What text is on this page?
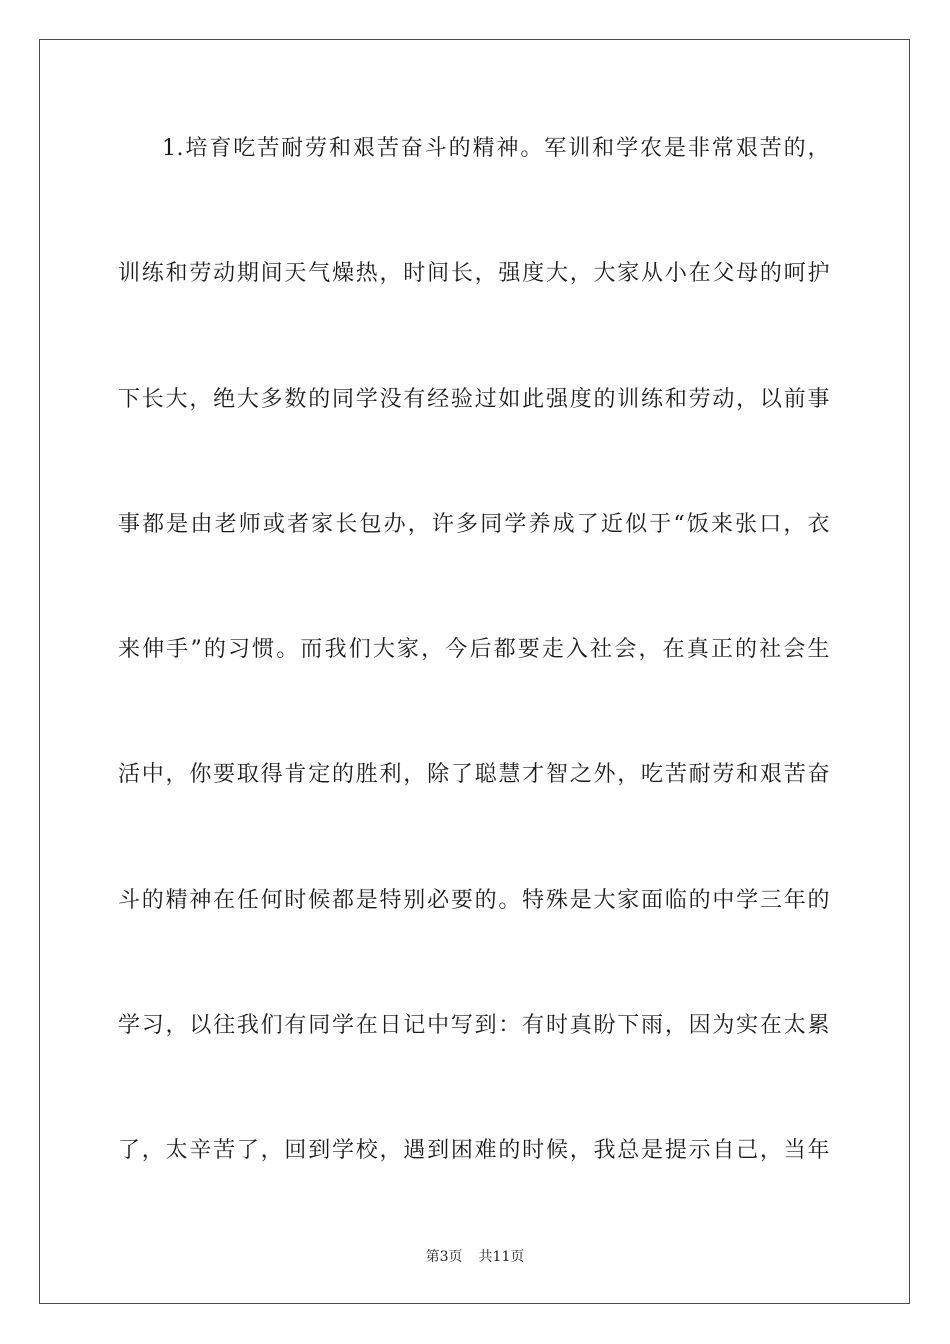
1.培育吃苦耐劳和艰苦奋斗的精神。军训和学农是非常艰苦的，
训练和劳动期间天气燥热，时间长，强度大，大家从小在父母的呵护
下长大，绝大多数的同学没有经验过如此强度的训练和劳动，以前事
事都是由老师或者家长包办，许多同学养成了近似于“饭来张口，衣
来伸手”的习惯。而我们大家，今后都要走入社会，在真正的社会生
活中，你要取得肯定的胜利，除了聪慧才智之外，吃苦耐劳和艰苦奋
斗的精神在任何时候都是特别必要的。特殊是大家面临的中学三年的
学习，以往我们有同学在日记中写到：有时真盼下雨，因为实在太累
了，太辛苦了，回到学校，遇到困难的时候，我总是提示自己，当年
第3页 共11页
